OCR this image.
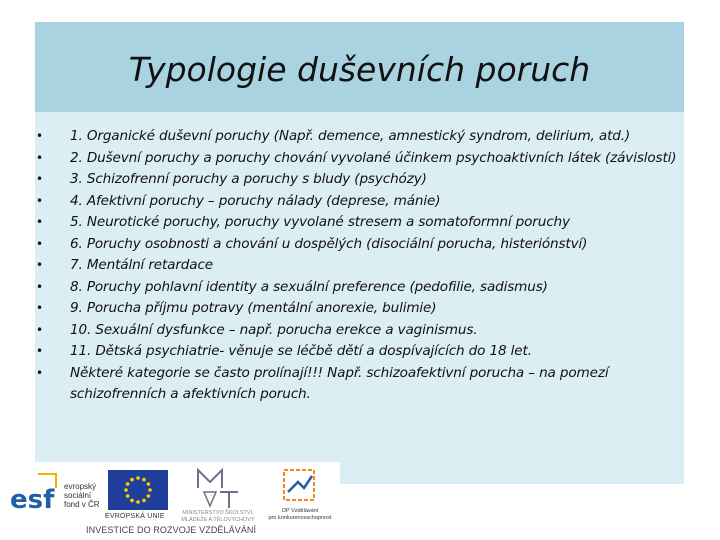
Typologie duševních poruch
• 1. Organické duševní poruchy (Např. demence, amnestický syndrom, delirium, atd.)
• 2. Duševní poruchy a poruchy chování vyvolané účinkem psychoaktivních látek (závislosti)
• 3. Schizofrenní poruchy a poruchy s bludy (psychózy)
• 4. Afektivní poruchy – poruchy nálady (deprese, mánie)
• 5. Neurotické poruchy, poruchy vyvolané stresem a somatoformní poruchy
• 6. Poruchy osobnosti a chování u dospělých (disociální porucha, histeriónství)
• 7. Mentální retardace
• 8. Poruchy pohlavní identity a sexuální preference (pedofilie, sadismus)
• 9. Porucha příjmu potravy (mentální anorexie, bulimie)
• 10. Sexuální dysfunkce – např. porucha erekce a vaginismus.
• 11. Dětská psychiatrie- věnuje se léčbě dětí a dospívajících do 18 let.
• Některé kategorie se často prolínají!!! Např. schizoafektivní porucha – na pomezí schizofrenních a afektivních poruch.
esf evropský
sociální
fond v ČR
EVROPSKÁ UNIE
MŠMT
MINISTERSTVO ŠKOLSTVÍ,
MLÁDEŽE A TĚLOVÝCHOVY
OP Vzdělávání
pro konkurenceschopnost
INVESTICE DO ROZVOJE VZDĚLÁVÁNÍ
